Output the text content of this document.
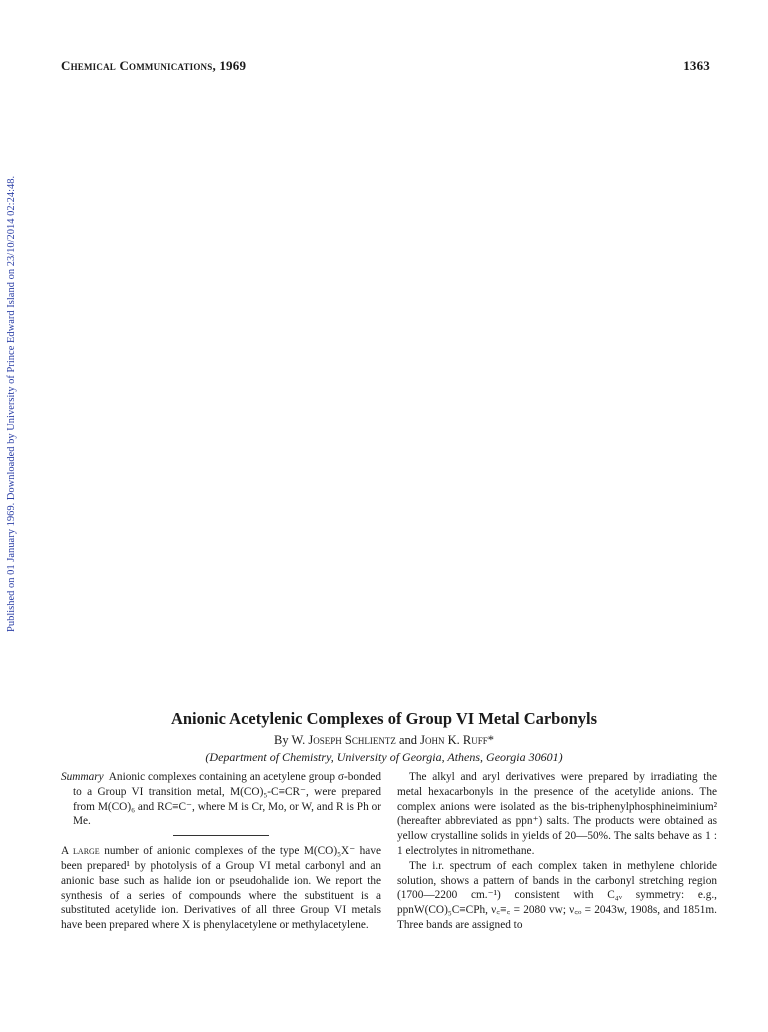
Published on 01 January 1969. Downloaded by University of Prince Edward Island on 23/10/2014 02:24:48.
Chemical Communications, 1969	1363
Anionic Acetylenic Complexes of Group VI Metal Carbonyls
By W. Joseph Schlientz and John K. Ruff*
(Department of Chemistry, University of Georgia, Athens, Georgia 30601)

Summary Anionic complexes containing an acetylene group σ-bonded to a Group VI transition metal, M(CO)₅-C≡CR⁻, were prepared from M(CO)₆ and RC≡C⁻, where M is Cr, Mo, or W, and R is Ph or Me.

A large number of anionic complexes of the type M(CO)₅X⁻ have been prepared¹ by photolysis of a Group VI metal carbonyl and an anionic base such as halide ion or pseudohalide ion. We report the synthesis of a series of compounds where the substituent is a substituted acetylide ion. Derivatives of all three Group VI metals have been prepared where X is phenylacetylene or methylacetylene.

The alkyl and aryl derivatives were prepared by irradiating the metal hexacarbonyls in the presence of the acetylide anions. The complex anions were isolated as the bis-triphenylphosphineiminium² (hereafter abbreviated as ppn⁺) salts. The products were obtained as yellow crystalline solids in yields of 20—50%. The salts behave as 1 : 1 electrolytes in nitromethane.

The i.r. spectrum of each complex taken in methylene chloride solution, shows a pattern of bands in the carbonyl stretching region (1700—2200 cm.⁻¹) consistent with C₄ᵥ symmetry: e.g., ppnW(CO)₅C≡CPh, ν꜀≡꜀ = 2080 vw; ν꜀ₒ = 2043w, 1908s, and 1851m. Three bands are assigned to
